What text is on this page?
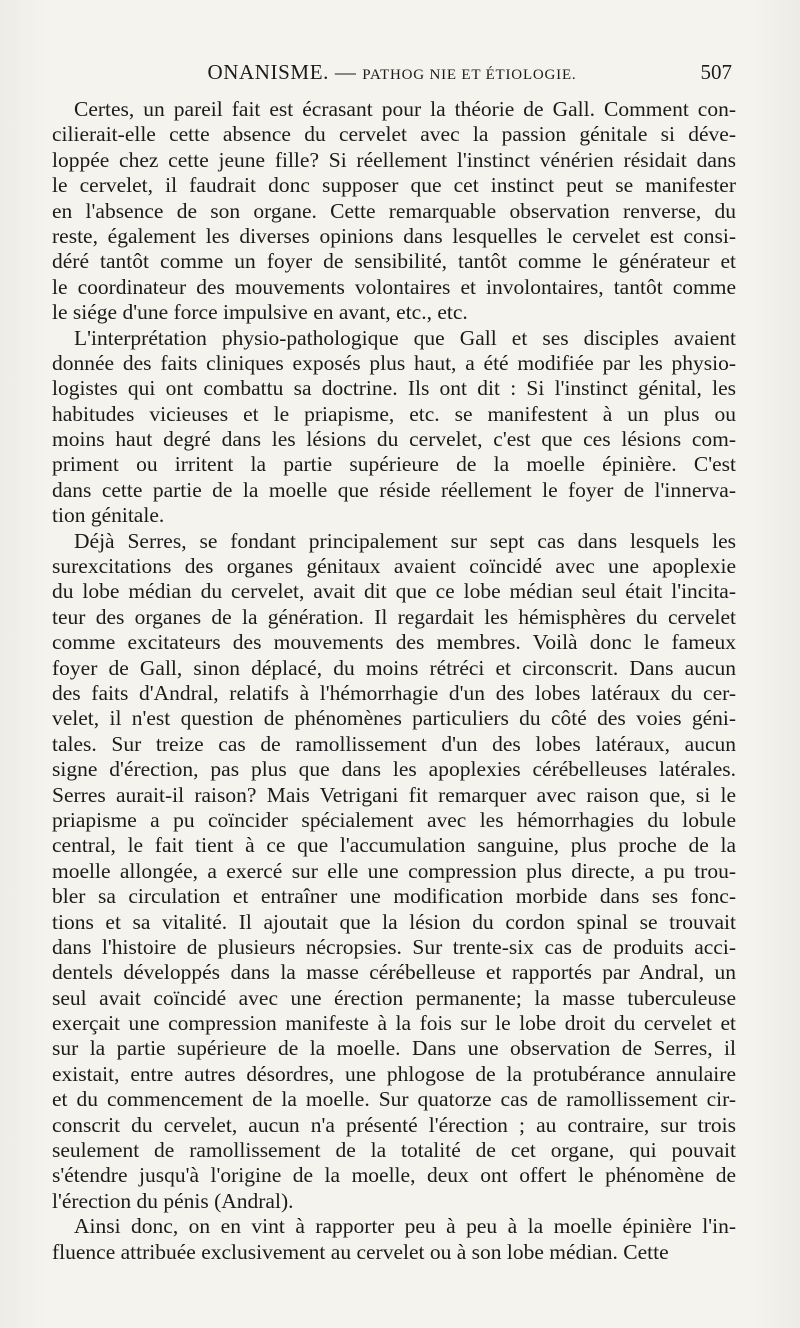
ONANISME. — PATHOG NIE ET ÉTIOLOGIE.	507
Certes, un pareil fait est écrasant pour la théorie de Gall. Comment con-
cilierait-elle cette absence du cervelet avec la passion génitale si déve-
loppée chez cette jeune fille? Si réellement l'instinct vénérien résidait dans
le cervelet, il faudrait donc supposer que cet instinct peut se manifester
en l'absence de son organe. Cette remarquable observation renverse, du
reste, également les diverses opinions dans lesquelles le cervelet est consi-
déré tantôt comme un foyer de sensibilité, tantôt comme le générateur et
le coordinateur des mouvements volontaires et involontaires, tantôt comme
le siége d'une force impulsive en avant, etc., etc.
L'interprétation physio-pathologique que Gall et ses disciples avaient
donnée des faits cliniques exposés plus haut, a été modifiée par les physio-
logistes qui ont combattu sa doctrine. Ils ont dit : Si l'instinct génital, les
habitudes vicieuses et le priapisme, etc. se manifestent à un plus ou
moins haut degré dans les lésions du cervelet, c'est que ces lésions com-
priment ou irritent la partie supérieure de la moelle épinière. C'est
dans cette partie de la moelle que réside réellement le foyer de l'innerva-
tion génitale.
Déjà Serres, se fondant principalement sur sept cas dans lesquels les
surexcitations des organes génitaux avaient coïncidé avec une apoplexie
du lobe médian du cervelet, avait dit que ce lobe médian seul était l'incita-
teur des organes de la génération. Il regardait les hémisphères du cervelet
comme excitateurs des mouvements des membres. Voilà donc le fameux
foyer de Gall, sinon déplacé, du moins rétréci et circonscrit. Dans aucun
des faits d'Andral, relatifs à l'hémorrhagie d'un des lobes latéraux du cer-
velet, il n'est question de phénomènes particuliers du côté des voies géni-
tales. Sur treize cas de ramollissement d'un des lobes latéraux, aucun
signe d'érection, pas plus que dans les apoplexies cérébelleuses latérales.
Serres aurait-il raison? Mais Vetrigani fit remarquer avec raison que, si le
priapisme a pu coïncider spécialement avec les hémorrhagies du lobule
central, le fait tient à ce que l'accumulation sanguine, plus proche de la
moelle allongée, a exercé sur elle une compression plus directe, a pu trou-
bler sa circulation et entraîner une modification morbide dans ses fonc-
tions et sa vitalité. Il ajoutait que la lésion du cordon spinal se trouvait
dans l'histoire de plusieurs nécropsies. Sur trente-six cas de produits acci-
dentels développés dans la masse cérébelleuse et rapportés par Andral, un
seul avait coïncidé avec une érection permanente; la masse tuberculeuse
exerçait une compression manifeste à la fois sur le lobe droit du cervelet et
sur la partie supérieure de la moelle. Dans une observation de Serres, il
existait, entre autres désordres, une phlogose de la protubérance annulaire
et du commencement de la moelle. Sur quatorze cas de ramollissement cir-
conscrit du cervelet, aucun n'a présenté l'érection ; au contraire, sur trois
seulement de ramollissement de la totalité de cet organe, qui pouvait
s'étendre jusqu'à l'origine de la moelle, deux ont offert le phénomène de
l'érection du pénis (Andral).
Ainsi donc, on en vint à rapporter peu à peu à la moelle épinière l'in-
fluence attribuée exclusivement au cervelet ou à son lobe médian. Cette
